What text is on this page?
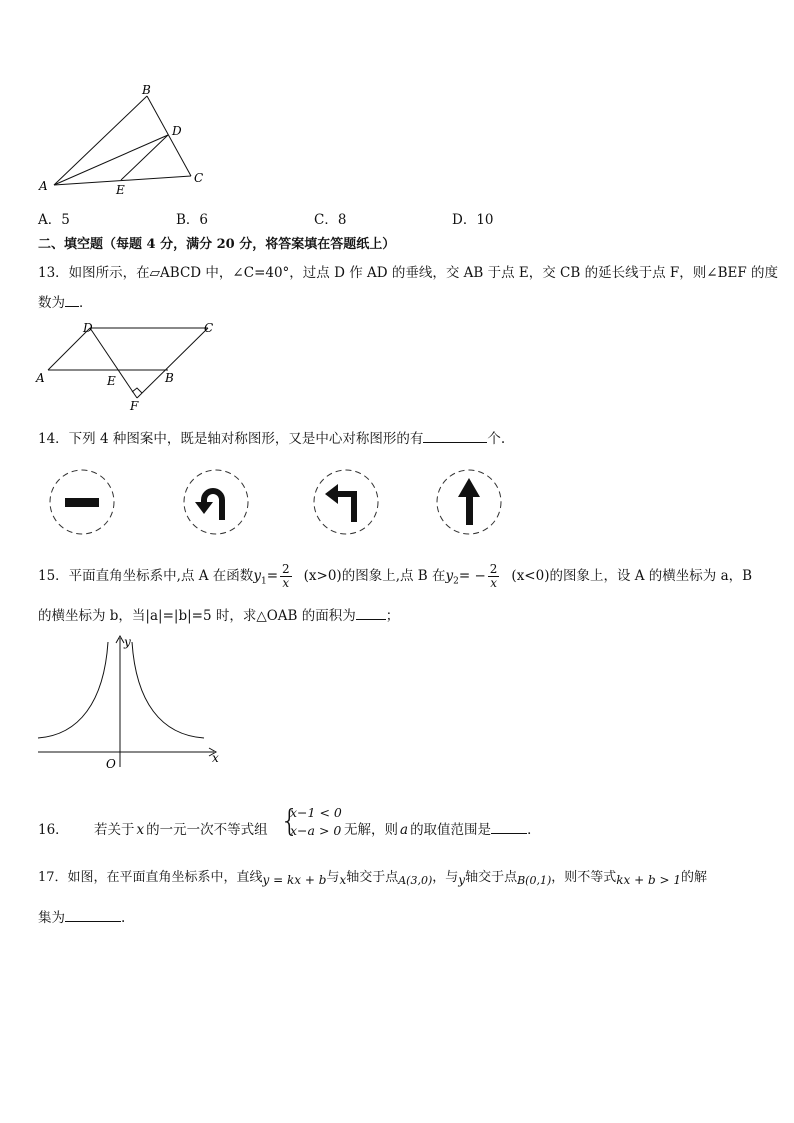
B
D
C
A	E
A．5	B．6	C．8	D．10
二、填空题（每题 4 分，满分 20 分，将答案填在答题纸上）
13．如图所示，在▱ABCD 中，∠C=40°，过点 D 作 AD 的垂线，交 AB 于点 E，交 CB 的延长线于点 F，则∠BEF 的度
数为 ．
D	C
A	E	B
F
14．下列 4 种图案中，既是轴对称图形，又是中心对称图形的有	个.
15．平面直角坐标系中,点 A 在函数$y_1= \frac{2}{x} (x>0)$的图象上,点 B 在$y_2= - \frac{2}{x} (x<0)$的图象上，设 A 的横坐标为 a，B
的横坐标为 b，当|a|=|b|=5 时，求△OAB 的面积为 ；
y
x
O
16． 若关于 x 的一元一次不等式组 {
x−1 < 0
x−a > 0 无解，则 a 的取值范围是	．
17．如图，在平面直角坐标系中，直线y = kx + b与x轴交于点$_{A(3,0)}$，与y轴交于点$_{B(0,1)}$，则不等式kx + b > 1的解
集为	.
